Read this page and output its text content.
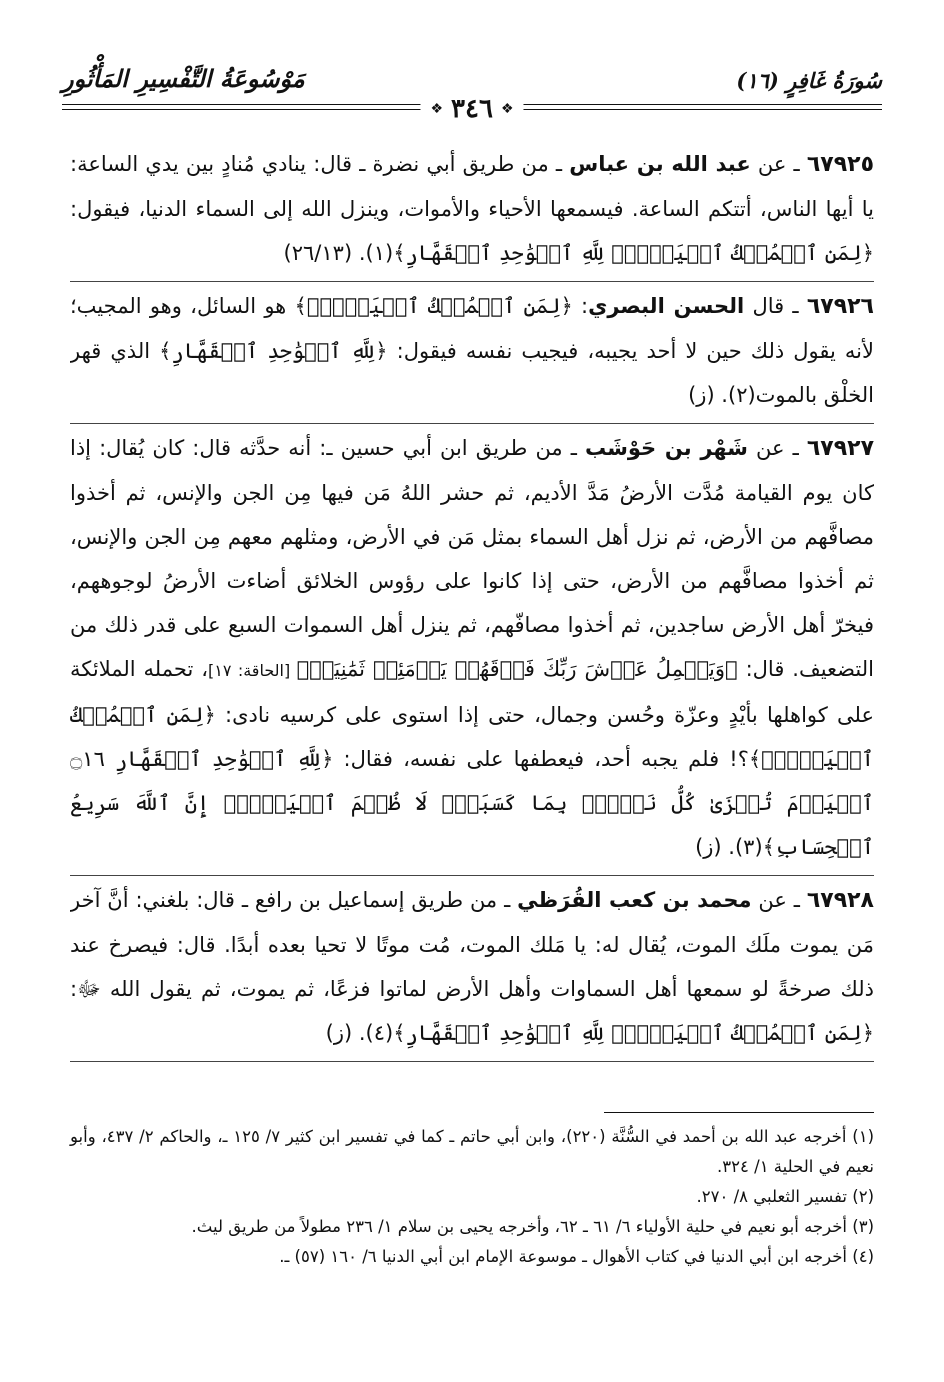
سُورَةُ غَافِرٍ (١٦)
مَوْسُوعَةُ التَّفْسِيرِ المَأْثُورِ
❖ ٣٤٦ ❖

٦٧٩٢٥ ـ عن عبد الله بن عباس ـ من طريق أبي نضرة ـ قال: ينادي مُنادٍ بين يدي الساعة: يا أيها الناس، أتتكم الساعة. فيسمعها الأحياء والأموات، وينزل الله إلى السماء الدنيا، فيقول: ﴿لِمَنِ ٱلۡمُلۡكُ ٱلۡيَوۡمَۖ لِلَّهِ ٱلۡوَٰحِدِ ٱلۡقَهَّارِ﴾(١). (٢٦/١٣)

٦٧٩٢٦ ـ قال الحسن البصري: ﴿لِمَنِ ٱلۡمُلۡكُ ٱلۡيَوۡمَۖ﴾ هو السائل، وهو المجيب؛ لأنه يقول ذلك حين لا أحد يجيبه، فيجيب نفسه فيقول: ﴿لِلَّهِ ٱلۡوَٰحِدِ ٱلۡقَهَّارِ﴾ الذي قهر الخلْق بالموت(٢). (ز)

٦٧٩٢٧ ـ عن شَهْر بن حَوْشَب ـ من طريق ابن أبي حسين ـ: أنه حدَّثه قال: كان يُقال: إذا كان يوم القيامة مُدَّت الأرضُ مَدَّ الأديم، ثم حشر اللهُ مَن فيها مِن الجن والإنس، ثم أخذوا مصافَّهم من الأرض، ثم نزل أهل السماء بمثل مَن في الأرض، ومثلهم معهم مِن الجن والإنس، ثم أخذوا مصافَّهم من الأرض، حتى إذا كانوا على رؤوس الخلائق أضاءت الأرضُ لوجوههم، فيخرّ أهل الأرض ساجدين، ثم أخذوا مصافّهم، ثم ينزل أهل السموات السبع على قدر ذلك من التضعيف. قال: ﴿وَيَحۡمِلُ عَرۡشَ رَبِّكَ فَوۡقَهُمۡ يَوۡمَئِذٖ ثَمَٰنِيَةٞ﴾ [الحاقة: ١٧]، تحمله الملائكة على كواهلها بأيْدٍ وعزّة وحُسن وجمال، حتى إذا استوى على كرسيه نادى: ﴿لِمَنِ ٱلۡمُلۡكُ ٱلۡيَوۡمَۖ﴾؟! فلم يجبه أحد، فيعطفها على نفسه، فقال: ﴿لِلَّهِ ٱلۡوَٰحِدِ ٱلۡقَهَّارِ ۝١٦ ٱلۡيَوۡمَ تُجۡزَىٰ كُلُّ نَفۡسِۭ بِمَا كَسَبَتۡۚ لَا ظُلۡمَ ٱلۡيَوۡمَۚ إِنَّ ٱللَّهَ سَرِيعُ ٱلۡحِسَابِ﴾(٣). (ز)

٦٧٩٢٨ ـ عن محمد بن كعب القُرَظي ـ من طريق إسماعيل بن رافع ـ قال: بلغني: أنَّ آخر مَن يموت ملَك الموت، يُقال له: يا مَلك الموت، مُت موتًا لا تحيا بعده أبدًا. قال: فيصرخ عند ذلك صرخةً لو سمعها أهل السماوات وأهل الأرض لماتوا فزعًا، ثم يموت، ثم يقول الله ﷻ: ﴿لِمَنِ ٱلۡمُلۡكُ ٱلۡيَوۡمَۖ لِلَّهِ ٱلۡوَٰحِدِ ٱلۡقَهَّارِ﴾(٤). (ز)

(١) أخرجه عبد الله بن أحمد في السُّنَّة (٢٢٠)، وابن أبي حاتم ـ كما في تفسير ابن كثير ٧/ ١٢٥ ـ، والحاكم ٢/ ٤٣٧، وأبو نعيم في الحلية ١/ ٣٢٤.

(٢) تفسير الثعلبي ٨/ ٢٧٠.

(٣) أخرجه أبو نعيم في حلية الأولياء ٦/ ٦١ ـ ٦٢، وأخرجه يحيى بن سلام ١/ ٢٣٦ مطولاً من طريق ليث.

(٤) أخرجه ابن أبي الدنيا في كتاب الأهوال ـ موسوعة الإمام ابن أبي الدنيا ٦/ ١٦٠ (٥٧) ـ.
